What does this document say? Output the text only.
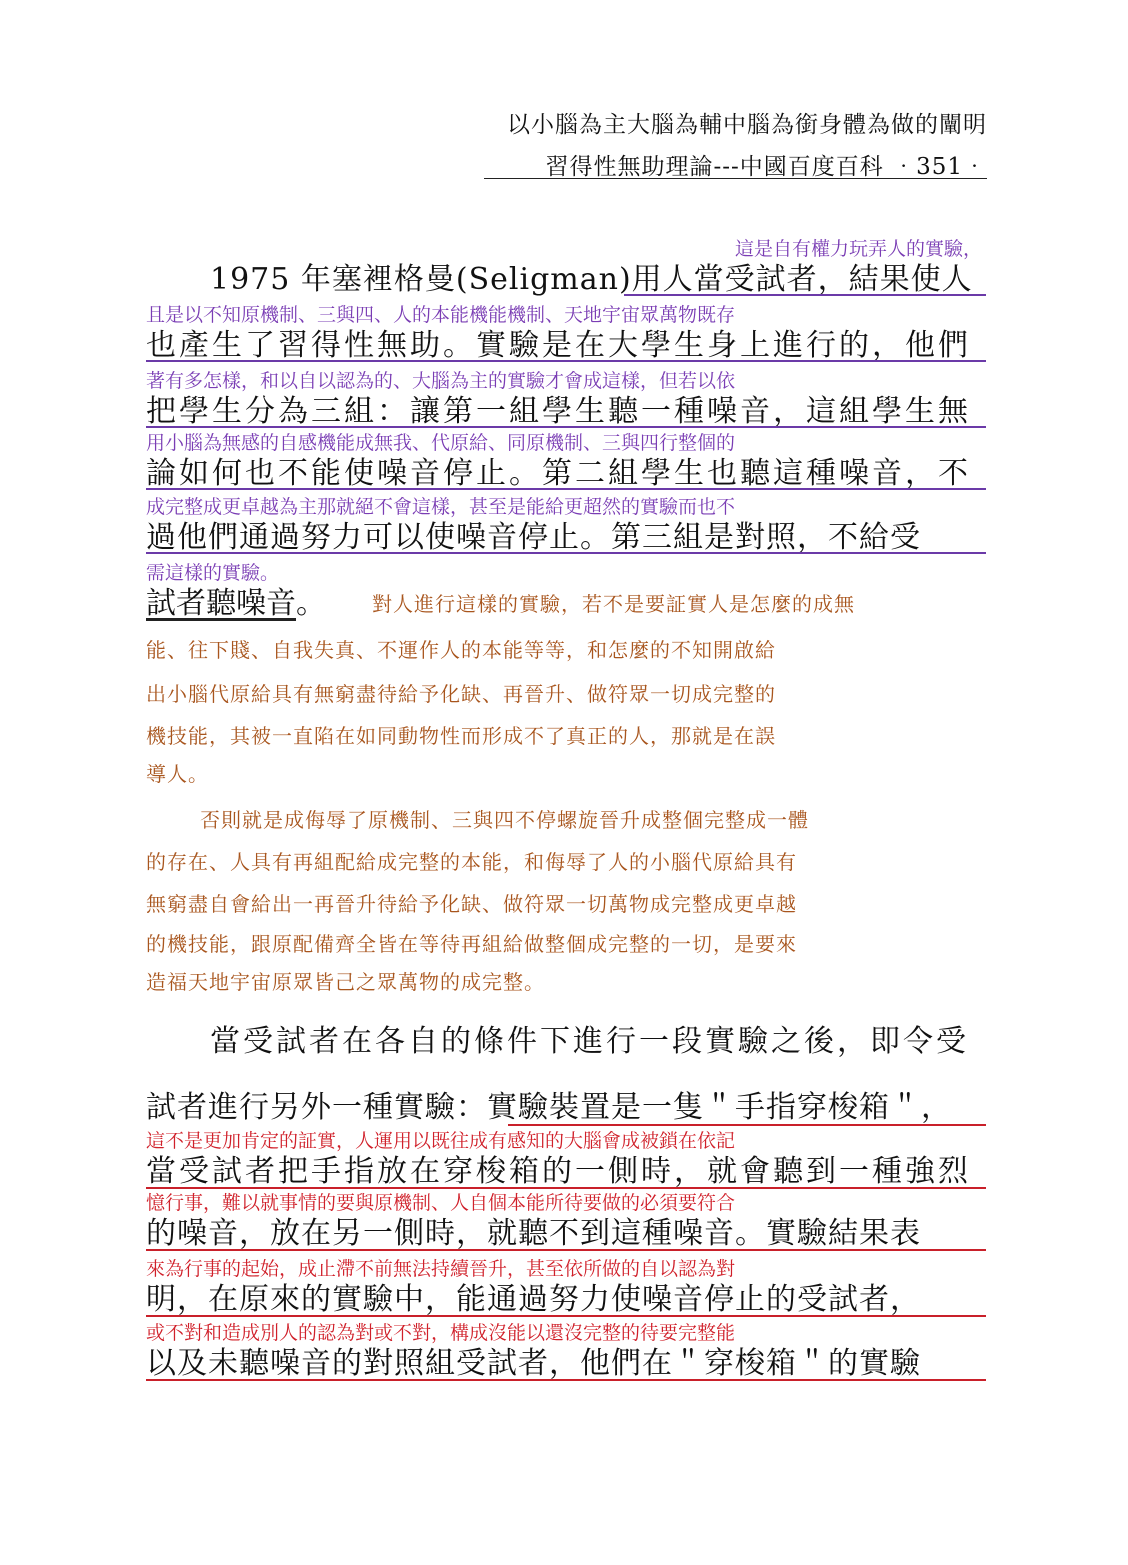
以小腦為主大腦為輔中腦為銜身體為做的闡明
習得性無助理論---中國百度百科 ‧351‧
這是自有權力玩弄人的實驗，
1975 年塞裡格曼(Seligman)用人當受試者，結果使人
且是以不知原機制、三與四、人的本能機能機制、天地宇宙眾萬物既存
也產生了習得性無助。實驗是在大學生身上進行的，他們
著有多怎樣，和以自以認為的、大腦為主的實驗才會成這樣，但若以依
把學生分為三組：讓第一組學生聽一種噪音，這組學生無
用小腦為無感的自感機能成無我、代原給、同原機制、三與四行整個的
論如何也不能使噪音停止。第二組學生也聽這種噪音，不
成完整成更卓越為主那就絕不會這樣，甚至是能給更超然的實驗而也不
過他們通過努力可以使噪音停止。第三組是對照，不給受
需這樣的實驗。
試者聽噪音。	對人進行這樣的實驗，若不是要証實人是怎麼的成無
能、往下賤、自我失真、不運作人的本能等等，和怎麼的不知開啟給
出小腦代原給具有無窮盡待給予化缺、再晉升、做符眾一切成完整的
機技能，其被一直陷在如同動物性而形成不了真正的人，那就是在誤
導人。
否則就是成侮辱了原機制、三與四不停螺旋晉升成整個完整成一體
的存在、人具有再組配給成完整的本能，和侮辱了人的小腦代原給具有
無窮盡自會給出一再晉升待給予化缺、做符眾一切萬物成完整成更卓越
的機技能，跟原配備齊全皆在等待再組給做整個成完整的一切，是要來
造福天地宇宙原眾皆己之眾萬物的成完整。
當受試者在各自的條件下進行一段實驗之後，即令受
試者進行另外一種實驗：實驗裝置是一隻＂手指穿梭箱＂，
這不是更加肯定的証實，人運用以既往成有感知的大腦會成被鎖在依記
當受試者把手指放在穿梭箱的一側時，就會聽到一種強烈
憶行事，難以就事情的要與原機制、人自個本能所待要做的必須要符合
的噪音，放在另一側時，就聽不到這種噪音。實驗結果表
來為行事的起始，成止滯不前無法持續晉升，甚至依所做的自以認為對
明，在原來的實驗中，能通過努力使噪音停止的受試者，
或不對和造成別人的認為對或不對，構成沒能以還沒完整的待要完整能
以及未聽噪音的對照組受試者，他們在＂穿梭箱＂的實驗
